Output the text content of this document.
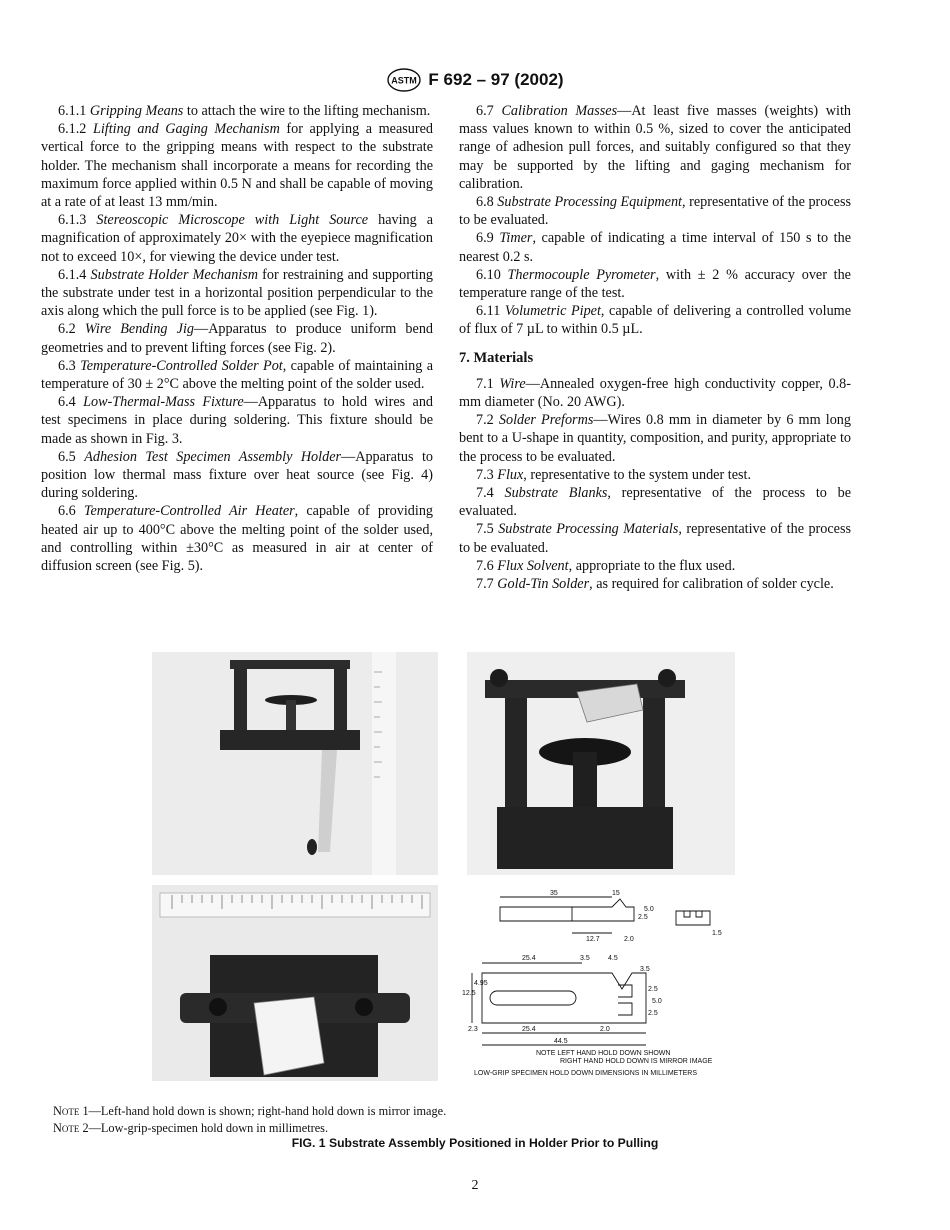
ASTM F 692 – 97 (2002)

6.1.1 Gripping Means to attach the wire to the lifting mechanism.

6.1.2 Lifting and Gaging Mechanism for applying a measured vertical force to the gripping means with respect to the substrate holder. The mechanism shall incorporate a means for recording the maximum force applied within 0.5 N and shall be capable of moving at a rate of at least 13 mm/min.

6.1.3 Stereoscopic Microscope with Light Source having a magnification of approximately 20× with the eyepiece magnification not to exceed 10×, for viewing the device under test.

6.1.4 Substrate Holder Mechanism for restraining and supporting the substrate under test in a horizontal position perpendicular to the axis along which the pull force is to be applied (see Fig. 1).

6.2 Wire Bending Jig—Apparatus to produce uniform bend geometries and to prevent lifting forces (see Fig. 2).

6.3 Temperature-Controlled Solder Pot, capable of maintaining a temperature of 30 ± 2°C above the melting point of the solder used.

6.4 Low-Thermal-Mass Fixture—Apparatus to hold wires and test specimens in place during soldering. This fixture should be made as shown in Fig. 3.

6.5 Adhesion Test Specimen Assembly Holder—Apparatus to position low thermal mass fixture over heat source (see Fig. 4) during soldering.

6.6 Temperature-Controlled Air Heater, capable of providing heated air up to 400°C above the melting point of the solder used, and controlling within ±30°C as measured in air at center of diffusion screen (see Fig. 5).

6.7 Calibration Masses—At least five masses (weights) with mass values known to within 0.5 %, sized to cover the anticipated range of adhesion pull forces, and suitably configured so that they may be supported by the lifting and gaging mechanism for calibration.

6.8 Substrate Processing Equipment, representative of the process to be evaluated.

6.9 Timer, capable of indicating a time interval of 150 s to the nearest 0.2 s.

6.10 Thermocouple Pyrometer, with ± 2 % accuracy over the temperature range of the test.

6.11 Volumetric Pipet, capable of delivering a controlled volume of flux of 7 µL to within 0.5 µL.

7. Materials

7.1 Wire—Annealed oxygen-free high conductivity copper, 0.8-mm diameter (No. 20 AWG).

7.2 Solder Preforms—Wires 0.8 mm in diameter by 6 mm long bent to a U-shape in quantity, composition, and purity, appropriate to the process to be evaluated.

7.3 Flux, representative to the system under test.

7.4 Substrate Blanks, representative of the process to be evaluated.

7.5 Substrate Processing Materials, representative of the process to be evaluated.

7.6 Flux Solvent, appropriate to the flux used.

7.7 Gold-Tin Solder, as required for calibration of solder cycle.

35	15
12.7	2.0
2.5
5.0
1.5
25.4	3.5	4.5
3.5
12.5
4.95
2.5
5.0
2.5
2.3	25.4	2.0
44.5
NOTE LEFT HAND HOLD DOWN SHOWN
RIGHT HAND HOLD DOWN IS MIRROR IMAGE
LOW-GRIP SPECIMEN HOLD DOWN DIMENSIONS IN MILLIMETERS
Note 1—Left-hand hold down is shown; right-hand hold down is mirror image.
Note 2—Low-grip-specimen hold down in millimetres.
FIG. 1 Substrate Assembly Positioned in Holder Prior to Pulling
2
